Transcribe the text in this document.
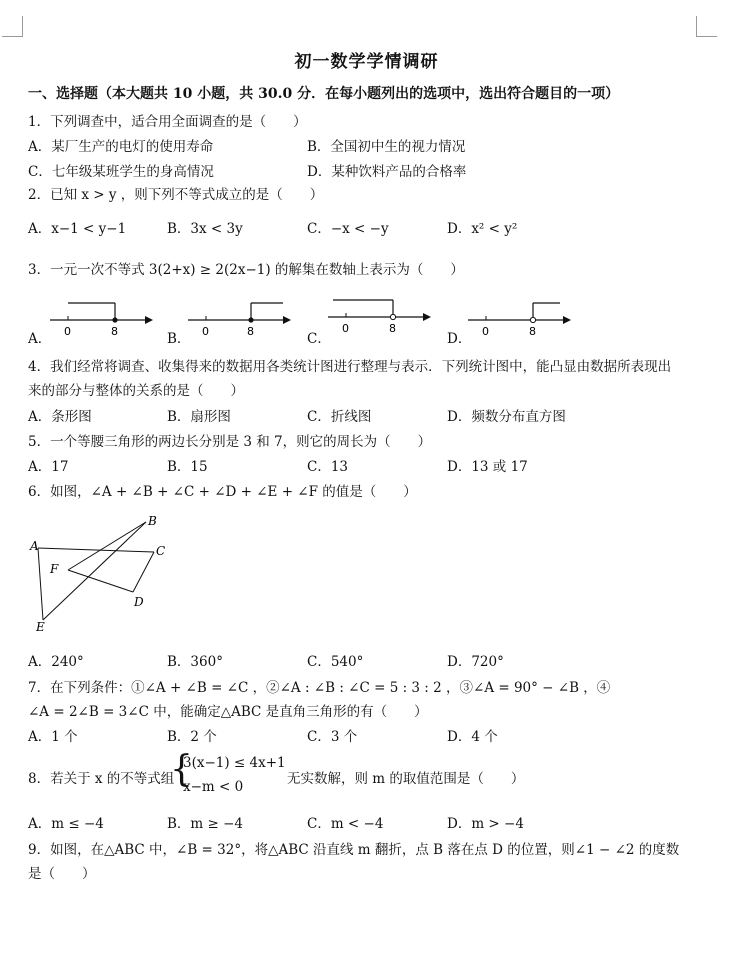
初一数学学情调研
一、选择题（本大题共 10 小题，共 30.0 分．在每小题列出的选项中，选出符合题目的一项）
1．下列调查中，适合用全面调查的是（　　）
A．某厂生产的电灯的使用寿命	B．全国初中生的视力情况
C．七年级某班学生的身高情况	D．某种饮料产品的合格率
2．已知 x > y ，则下列不等式成立的是（　　）
A．x−1 < y−1	B．3x < 3y	C．−x < −y	D．x² < y²
3．一元一次不等式 3(2+x) ≥ 2(2x−1) 的解集在数轴上表示为（　　）
A．	B．	C．	D．
0	8	0	8	0	8	0	8
4．我们经常将调查、收集得来的数据用各类统计图进行整理与表示．下列统计图中，能凸显由数据所表现出
来的部分与整体的关系的是（　　）
A．条形图	B．扇形图	C．折线图	D．频数分布直方图
5．一个等腰三角形的两边长分别是 3 和 7，则它的周长为（　　）
A．17	B．15	C．13	D．13 或 17
6．如图，∠A + ∠B + ∠C + ∠D + ∠E + ∠F 的值是（　　）
A
B
C
D
E
F
A．240°	B．360°	C．540°	D．720°
7．在下列条件：①∠A + ∠B = ∠C ，②∠A : ∠B : ∠C = 5 : 3 : 2 ，③∠A = 90° − ∠B ，④
∠A = 2∠B = 3∠C 中，能确定△ABC 是直角三角形的有（　　）
A．1 个	B．2 个	C．3 个	D．4 个
8．若关于 x 的不等式组
{
3(x−1) ≤ 4x+1
x−m < 0	无实数解，则 m 的取值范围是（　　）
A．m ≤ −4	B．m ≥ −4	C．m < −4	D．m > −4
9．如图，在△ABC 中，∠B = 32°，将△ABC 沿直线 m 翻折，点 B 落在点 D 的位置，则∠1 − ∠2 的度数
是（　　）
